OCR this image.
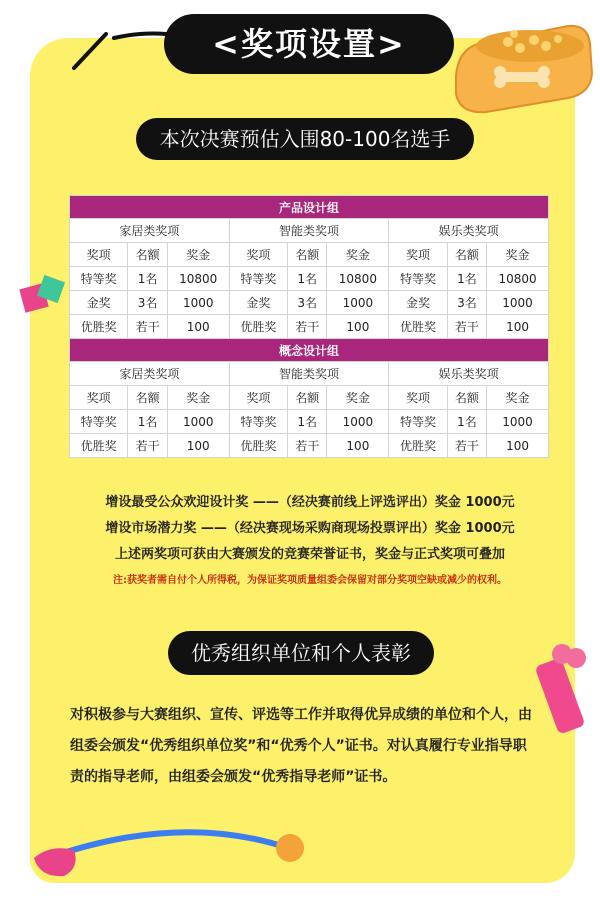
<奖项设置>
本次决赛预估入围80-100名选手
产品设计组								
家居类奖项			智能类奖项			娱乐类奖项		
奖项	名额	奖金	奖项	名额	奖金	奖项	名额	奖金
特等奖	1名	10800	特等奖	1名	10800	特等奖	1名	10800
金奖	3名	1000	金奖	3名	1000	金奖	3名	1000
优胜奖	若干	100	优胜奖	若干	100	优胜奖	若干	100
概念设计组								
家居类奖项			智能类奖项			娱乐类奖项		
奖项	名额	奖金	奖项	名额	奖金	奖项	名额	奖金
特等奖	1名	1000	特等奖	1名	1000	特等奖	1名	1000
优胜奖	若干	100	优胜奖	若干	100	优胜奖	若干	100
增设最受公众欢迎设计奖 ——（经决赛前线上评选评出）奖金 1000元
增设市场潜力奖 ——（经决赛现场采购商现场投票评出）奖金 1000元
上述两奖项可获由大赛颁发的竞赛荣誉证书，奖金与正式奖项可叠加
注:获奖者需自付个人所得税，为保证奖项质量组委会保留对部分奖项空缺或减少的权利。
优秀组织单位和个人表彰
对积极参与大赛组织、宣传、评选等工作并取得优异成绩的单位和个人，由组委会颁发“优秀组织单位奖”和“优秀个人”证书。对认真履行专业指导职责的指导老师，由组委会颁发“优秀指导老师”证书。
